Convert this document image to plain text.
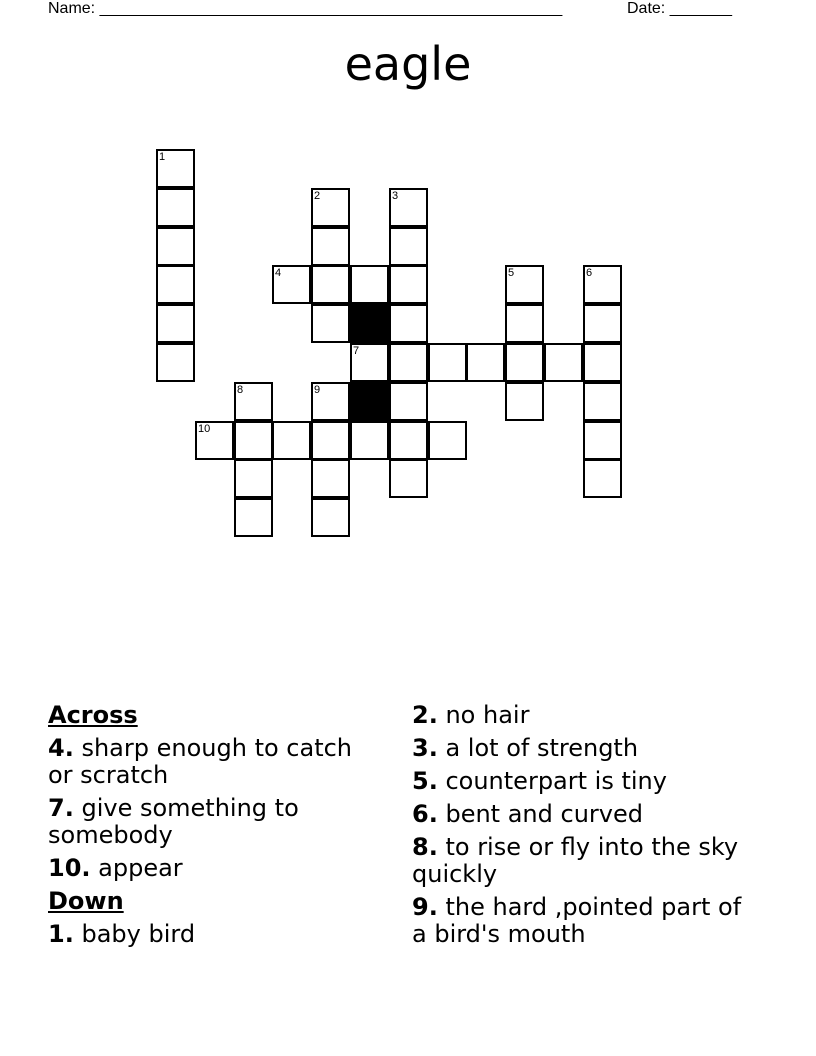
Name: ____________________________________________________	Date: _______
eagle
1
2	3
4	5	6
7
8	9
10
Across
4. sharp enough to catch or scratch
7. give something to somebody
10. appear
Down
1. baby bird
2. no hair
3. a lot of strength
5. counterpart is tiny
6. bent and curved
8. to rise or fly into the sky quickly
9. the hard ,pointed part of a bird's mouth
